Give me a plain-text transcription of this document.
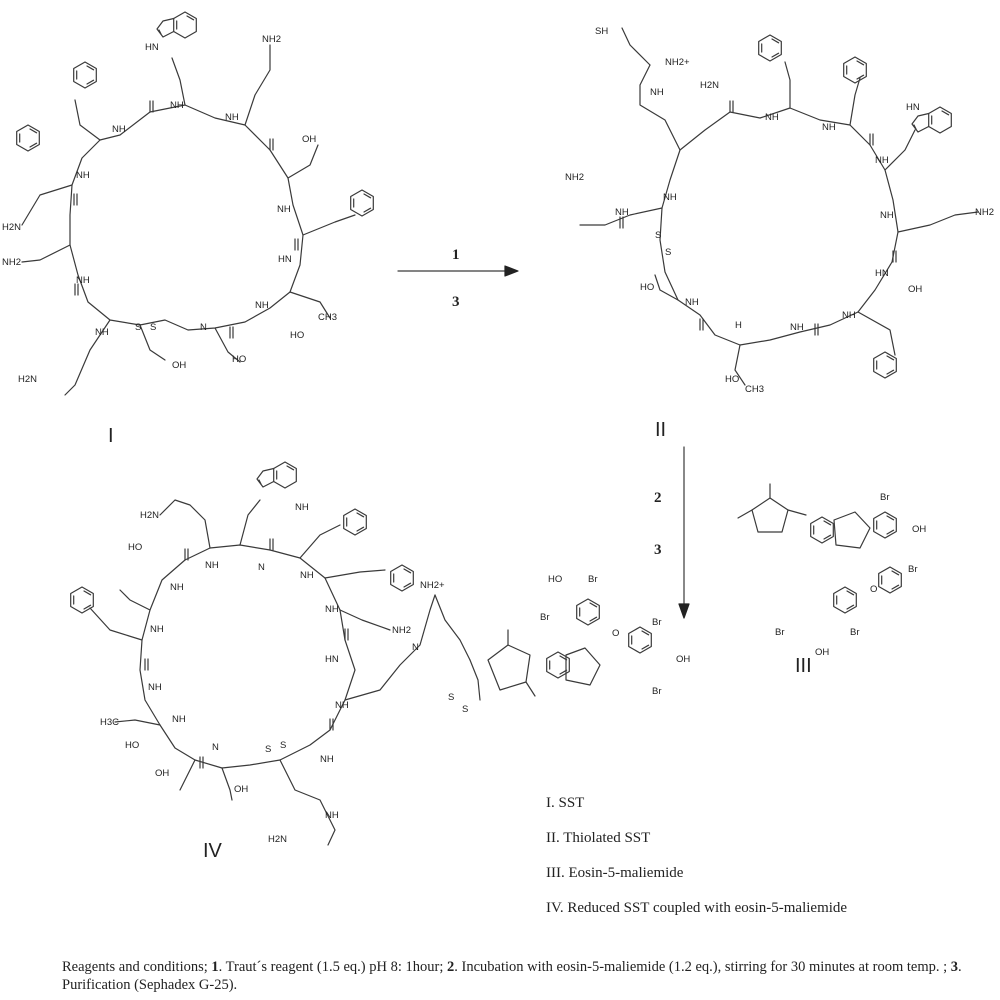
HN
NH2
OH
NH
NH
NH
HN
NH
CH3
HO
N
HO
OH
S S
NH
H2N
NH
NH2
H2N
NH
NH
I
1
3
SH
NH2+
NH
H2N
NH
NH
HN
NH
NH	NH2
HN
OH
NH
NH
H
HO
CH3
NH
HO
S
S
NH
NH
NH2
II
2
3
Br
OH
Br
O
Br	Br
OH
III
H2N
NH
NH	N
NH
NH
NH2
NH2+
N
HN
NH
NH
S
S
HO
NH
NH
NH
H3C
HO
NH
OH
N
OH
S S
NH
H2N
HO	Br
Br
O
Br
OH
Br
IV
I. SST
II. Thiolated SST
III. Eosin-5-maliemide
IV. Reduced SST coupled with eosin-5-maliemide
Reagents and conditions; 1. Traut´s reagent (1.5 eq.) pH 8: 1hour; 2. Incubation with eosin-5-maliemide (1.2 eq.), stirring for 30 minutes at room temp. ; 3. Purification (Sephadex G-25).
